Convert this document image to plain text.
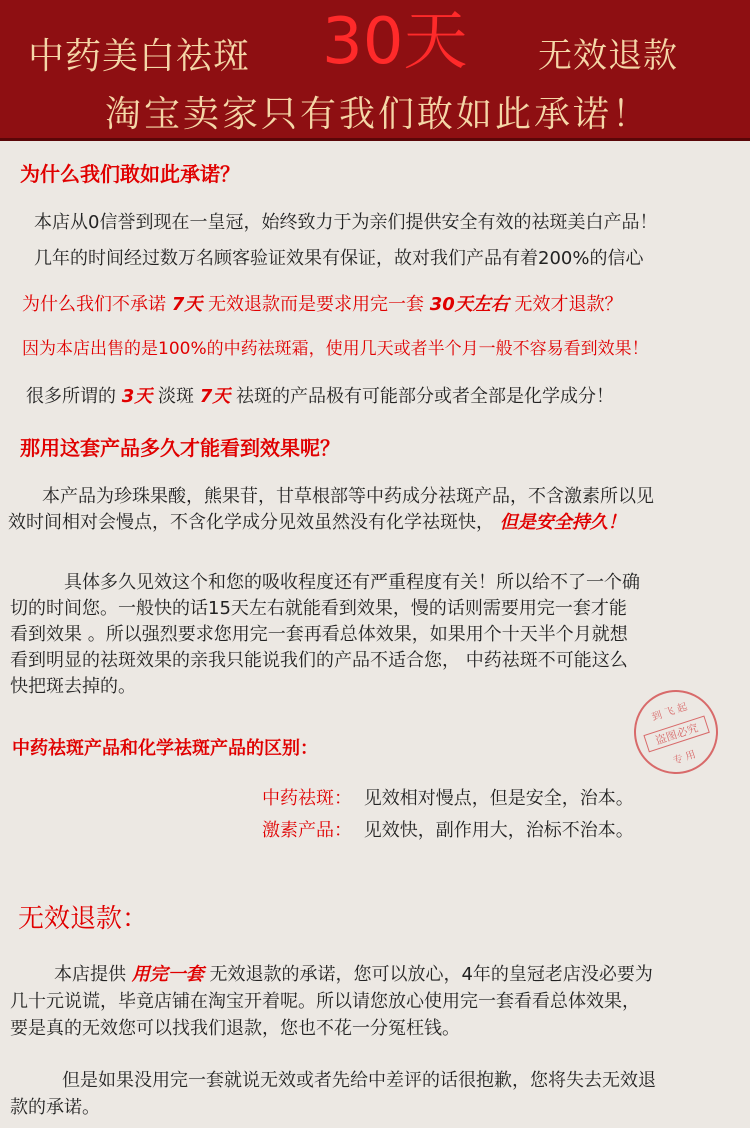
中药美白祛斑 30天 无效退款
淘宝卖家只有我们敢如此承诺！
为什么我们敢如此承诺？
本店从0信誉到现在一皇冠，始终致力于为亲们提供安全有效的祛斑美白产品！
几年的时间经过数万名顾客验证效果有保证，故对我们产品有着200%的信心
为什么我们不承诺 7天 无效退款而是要求用完一套 30天左右 无效才退款？
因为本店出售的是100%的中药祛斑霜，使用几天或者半个月一般不容易看到效果！
很多所谓的 3天 淡斑 7天 祛斑的产品极有可能部分或者全部是化学成分！
那用这套产品多久才能看到效果呢？
本产品为珍珠果酸，熊果苷，甘草根部等中药成分祛斑产品，不含激素所以见
效时间相对会慢点，不含化学成分见效虽然没有化学祛斑快， 但是安全持久！
具体多久见效这个和您的吸收程度还有严重程度有关！所以给不了一个确
切的时间您。一般快的话15天左右就能看到效果，慢的话则需要用完一套才能
看到效果 。所以强烈要求您用完一套再看总体效果，如果用个十天半个月就想
看到明显的祛斑效果的亲我只能说我们的产品不适合您， 中药祛斑不可能这么
快把斑去掉的。
到 飞 起
盗图必究
专 用
中药祛斑产品和化学祛斑产品的区别：
中药祛斑： 见效相对慢点，但是安全，治本。
激素产品： 见效快，副作用大，治标不治本。
无效退款：
本店提供 用完一套 无效退款的承诺，您可以放心，4年的皇冠老店没必要为
几十元说谎，毕竟店铺在淘宝开着呢。所以请您放心使用完一套看看总体效果，
要是真的无效您可以找我们退款，您也不花一分冤枉钱。
但是如果没用完一套就说无效或者先给中差评的话很抱歉，您将失去无效退
款的承诺。
